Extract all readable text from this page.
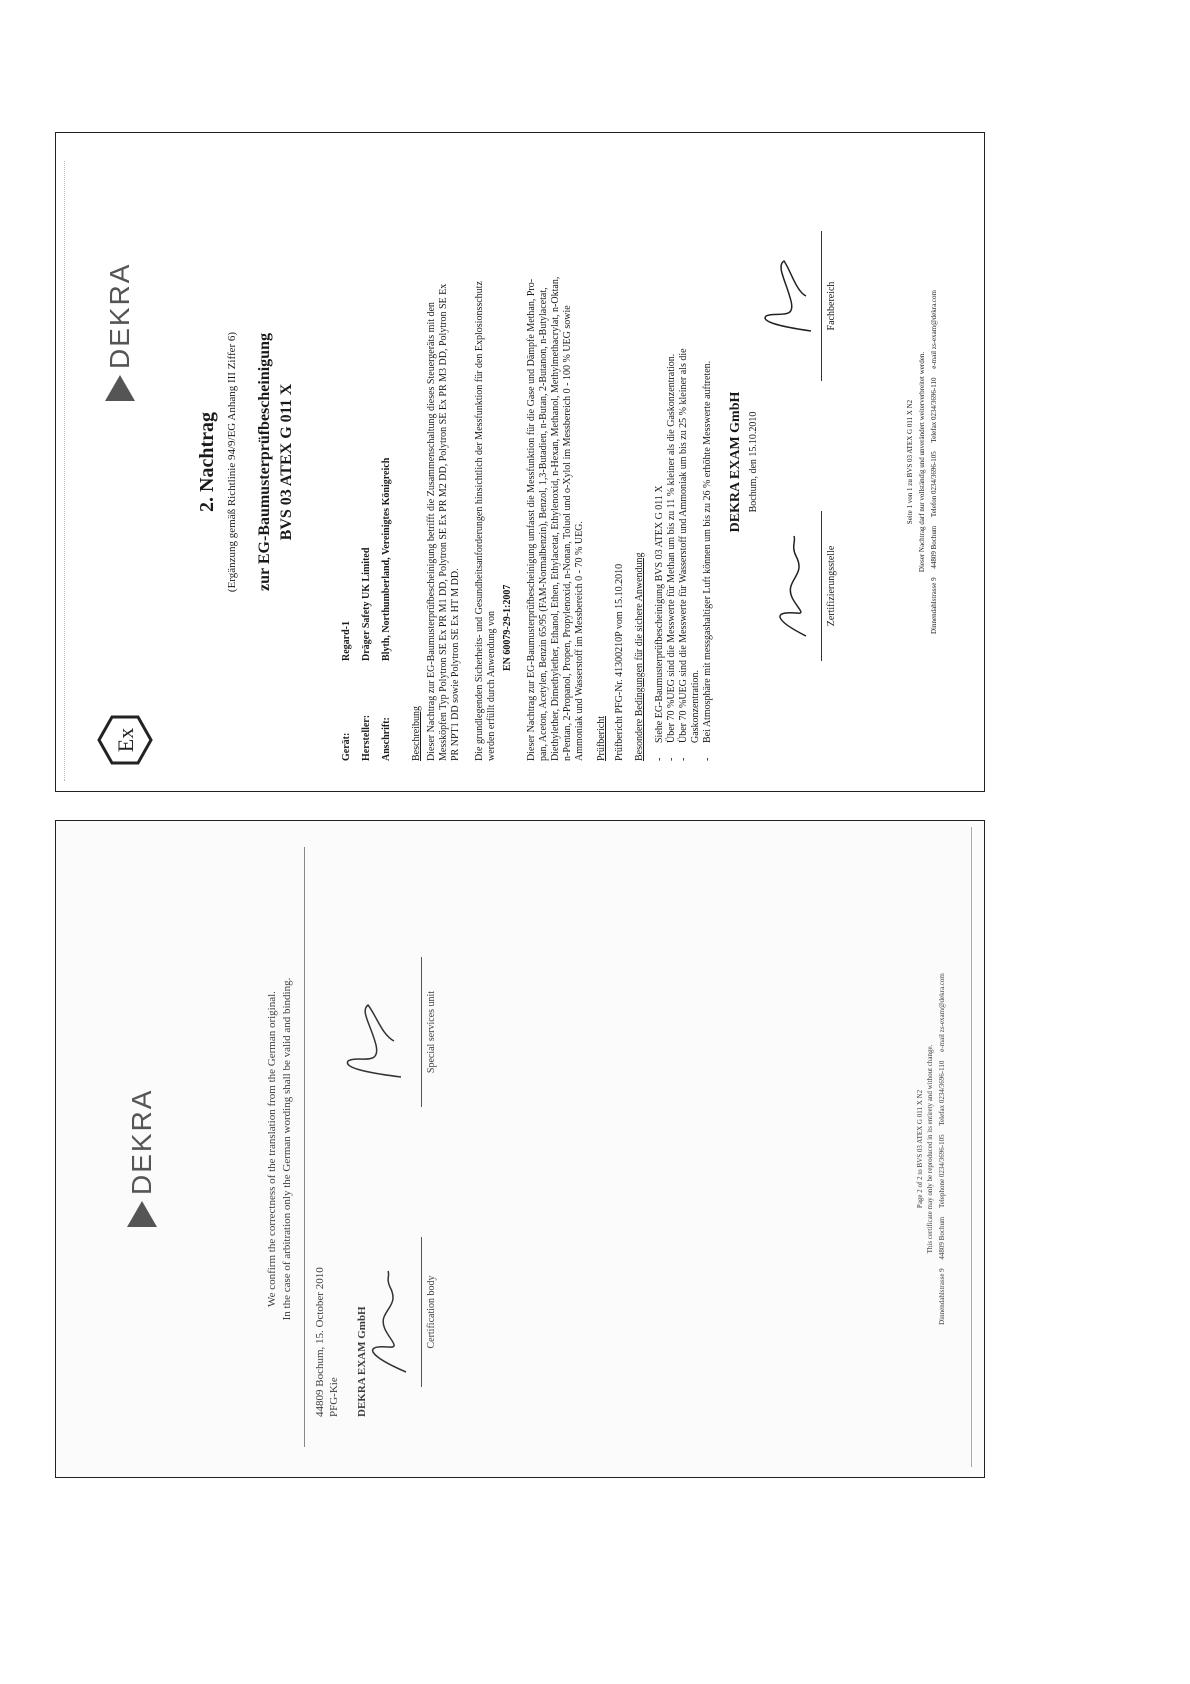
Ex
DEKRA
2. Nachtrag (Ergänzung gemäß Richtlinie 94/9/EG Anhang III Ziffer 6) zur EG-Baumusterprüfbescheinigung BVS 03 ATEX G 011 X
Gerät:
Regard-1
Hersteller:
Dräger Safety UK Limited
Anschrift:
Blyth, Northumberland, Vereinigtes Königreich
Beschreibung Dieser Nachtrag zur EG-Baumusterprüfbescheinigung betrifft die Zusammenschaltung dieses Steuergeräts mit den Messköpfen Typ Polytron SE Ex PR M1 DD, Polytron SE Ex PR M2 DD, Polytron SE Ex PR M3 DD, Polytron SE Ex PR NPT1 DD sowie Polytron SE Ex HT M DD. Die grundlegenden Sicherheits- und Gesundheitsanforderungen hinsichtlich der Messfunktion für den Explosionsschutz werden erfüllt durch Anwendung von EN 60079-29-1:2007 Dieser Nachtrag zur EG-Baumusterprüfbescheinigung umfasst die Messfunktion für die Gase und Dämpfe Methan, Pro- pan, Aceton, Acetylen, Benzin 65/95 (FAM-Normalbenzin), Benzol, 1,3-Butadien, n-Butan, 2-Butanon, n-Butylacetat, Diethylether, Dimethylether, Ethanol, Ethen, Ethylacetat, Ethylenoxid, n-Hexan, Methanol, Methylmethacrylat, n-Oktan, n-Pentan, 2-Propanol, Propen, Propylenoxid, n-Nonan, Toluol und o-Xylol im Messbereich 0 - 100 % UEG sowie Ammoniak und Wasserstoff im Messbereich 0 - 70 % UEG. Prüfbericht Prüfbericht PFG-Nr. 41300210P vom 15.10.2010 Besondere Bedingungen für die sichere Anwendung -
Siehe EG-Baumusterprüfbescheinigung BVS 03 ATEX G 011 X
-
Über 70 %UEG sind die Messwerte für Methan um bis zu 11 % kleiner als die Gaskonzentration.
-
Über 70 %UEG sind die Messwerte für Wasserstoff und Ammoniak um bis zu 25 % kleiner als die Gaskonzentration.
-
Bei Atmosphäre mit messgashaltiger Luft können um bis zu 26 % erhöhte Messwerte auftreten. DEKRA EXAM GmbH Bochum, den 15.10.2010
Zertifizierungsstelle
Fachbereich
Seite 1 von 1 zu BVS 03 ATEX G 011 X N2 Dieser Nachtrag darf nur vollständig und unverändert weiterverbreitet werden. Dinnendahlstrasse 9     44809 Bochum     Telefon 0234/3696-105     Telefax 0234/3696-110     e-mail zs-exam@dekra.com
DEKRA	We confirm the correctness of the translation from the German original. In the case of arbitration only the German wording shall be valid and binding.
44809 Bochum, 15. October 2010 PFG-Kie DEKRA EXAM GmbH	Certification body
Special services unit
Page 2 of 2 to BVS 03 ATEX G 011 X N2 This certificate may only be reproduced in its entirety and without change. Dinnendahlstrasse 9     44809 Bochum     Telephone 0234/3696-105     Telefax 0234/3696-110     e-mail zs-exam@dekra.com
